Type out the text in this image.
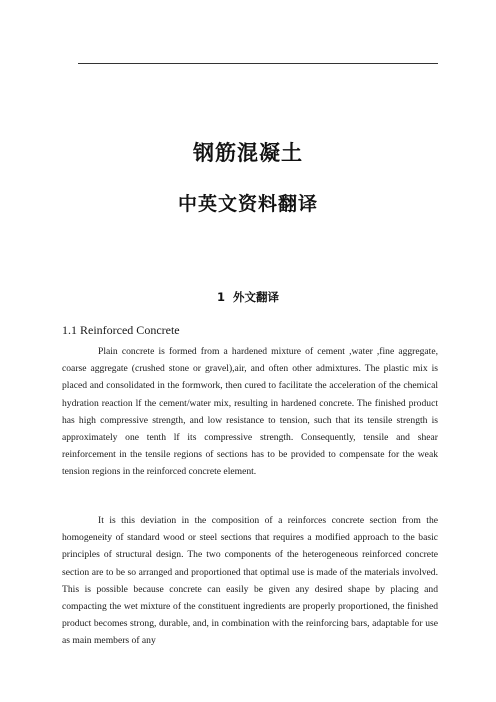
钢筋混凝土
中英文资料翻译
1 外文翻译
1.1 Reinforced Concrete

Plain concrete is formed from a hardened mixture of cement ,water ,fine aggregate, coarse aggregate (crushed stone or gravel),air, and often other admixtures. The plastic mix is placed and consolidated in the formwork, then cured to facilitate the acceleration of the chemical hydration reaction lf the cement/water mix, resulting in hardened concrete. The finished product has high compressive strength, and low resistance to tension, such that its tensile strength is approximately one tenth lf its compressive strength. Consequently, tensile and shear reinforcement in the tensile regions of sections has to be provided to compensate for the weak tension regions in the reinforced concrete element.

It is this deviation in the composition of a reinforces concrete section from the homogeneity of standard wood or steel sections that requires a modified approach to the basic principles of structural design. The two components of the heterogeneous reinforced concrete section are to be so arranged and proportioned that optimal use is made of the materials involved. This is possible because concrete can easily be given any desired shape by placing and compacting the wet mixture of the constituent ingredients are properly proportioned, the finished product becomes strong, durable, and, in combination with the reinforcing bars, adaptable for use as main members of any
